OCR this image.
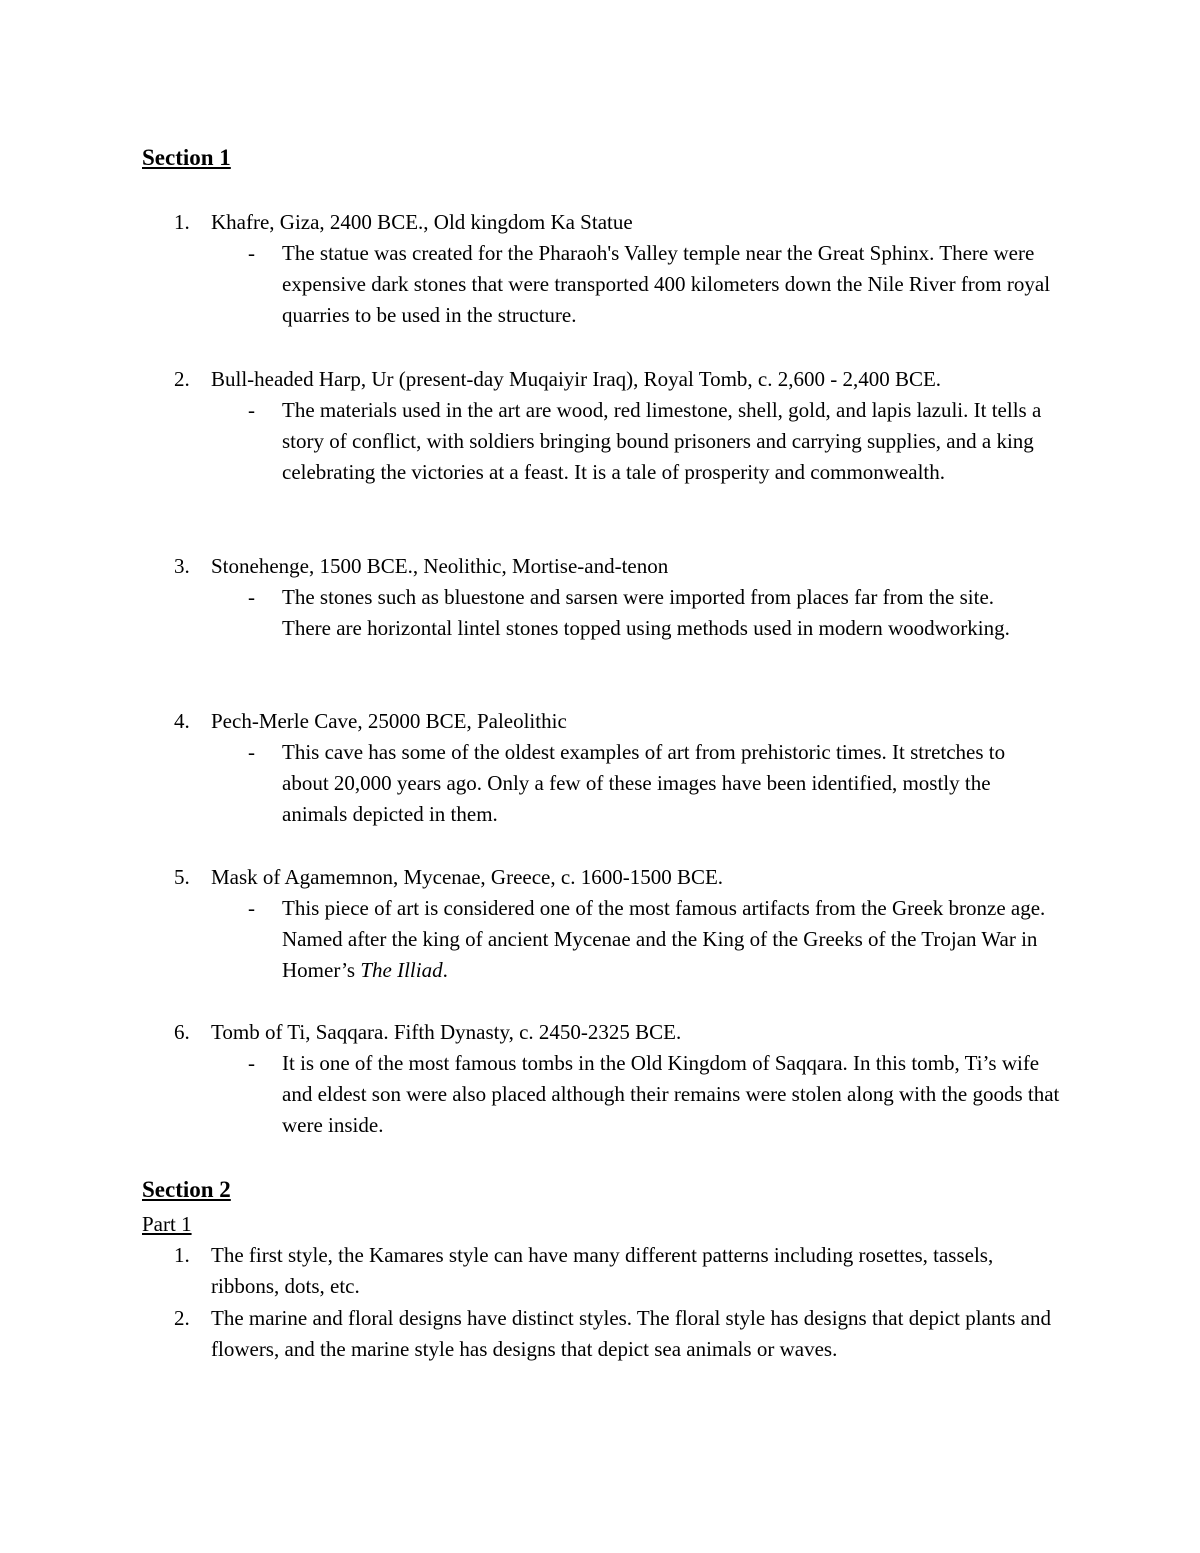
Section 1
1. Khafre, Giza, 2400 BCE., Old kingdom Ka Statue
- The statue was created for the Pharaoh's Valley temple near the Great Sphinx. There were expensive dark stones that were transported 400 kilometers down the Nile River from royal quarries to be used in the structure.
2. Bull-headed Harp, Ur (present-day Muqaiyir Iraq), Royal Tomb, c. 2,600 - 2,400 BCE.
- The materials used in the art are wood, red limestone, shell, gold, and lapis lazuli. It tells a story of conflict, with soldiers bringing bound prisoners and carrying supplies, and a king celebrating the victories at a feast. It is a tale of prosperity and commonwealth.
3. Stonehenge, 1500 BCE., Neolithic, Mortise-and-tenon
- The stones such as bluestone and sarsen were imported from places far from the site. There are horizontal lintel stones topped using methods used in modern woodworking.
4. Pech-Merle Cave, 25000 BCE, Paleolithic
- This cave has some of the oldest examples of art from prehistoric times. It stretches to about 20,000 years ago. Only a few of these images have been identified, mostly the animals depicted in them.
5. Mask of Agamemnon, Mycenae, Greece, c. 1600-1500 BCE.
- This piece of art is considered one of the most famous artifacts from the Greek bronze age. Named after the king of ancient Mycenae and the King of the Greeks of the Trojan War in Homer’s The Illiad.
6. Tomb of Ti, Saqqara. Fifth Dynasty, c. 2450-2325 BCE.
- It is one of the most famous tombs in the Old Kingdom of Saqqara. In this tomb, Ti’s wife and eldest son were also placed although their remains were stolen along with the goods that were inside.
Section 2
Part 1
1. The first style, the Kamares style can have many different patterns including rosettes, tassels, ribbons, dots, etc.
2. The marine and floral designs have distinct styles. The floral style has designs that depict plants and flowers, and the marine style has designs that depict sea animals or waves.
